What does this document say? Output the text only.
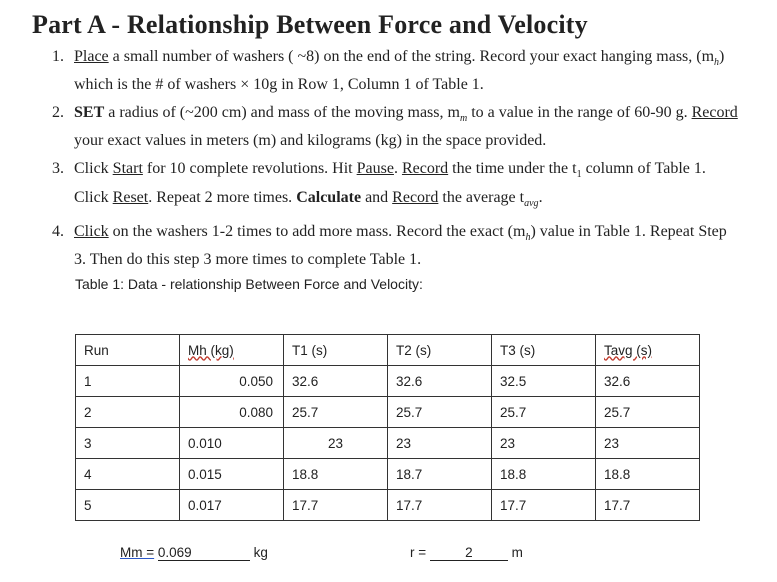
Part A - Relationship Between Force and Velocity
1. Place a small number of washers ( ~8) on the end of the string. Record your exact hanging mass, $(m_h)$ which is the # of washers × 10g in Row 1, Column 1 of Table 1.
2. SET a radius of (~200 cm) and mass of the moving mass, $m_m$ to a value in the range of 60-90 g. Record your exact values in meters (m) and kilograms (kg) in the space provided.
3. Click Start for 10 complete revolutions. Hit Pause. Record the time under the $t_1$ column of Table 1. Click Reset. Repeat 2 more times. Calculate and Record the average $t_{avg}$.
4. Click on the washers 1-2 times to add more mass. Record the exact $(m_h)$ value in Table 1. Repeat Step 3. Then do this step 3 more times to complete Table 1.
Table 1: Data - relationship Between Force and Velocity:
Run	Mh (kg)	T1 (s)	T2 (s)	T3 (s)	Tavg (s)
1	0.050	32.6	32.6	32.5	32.6
2	0.080	25.7	25.7	25.7	25.7
3	0.010	23	23	23	23
4	0.015	18.8	18.7	18.8	18.8
5	0.017	17.7	17.7	17.7	17.7
Mm = 0.069	kg	r =	2	m
